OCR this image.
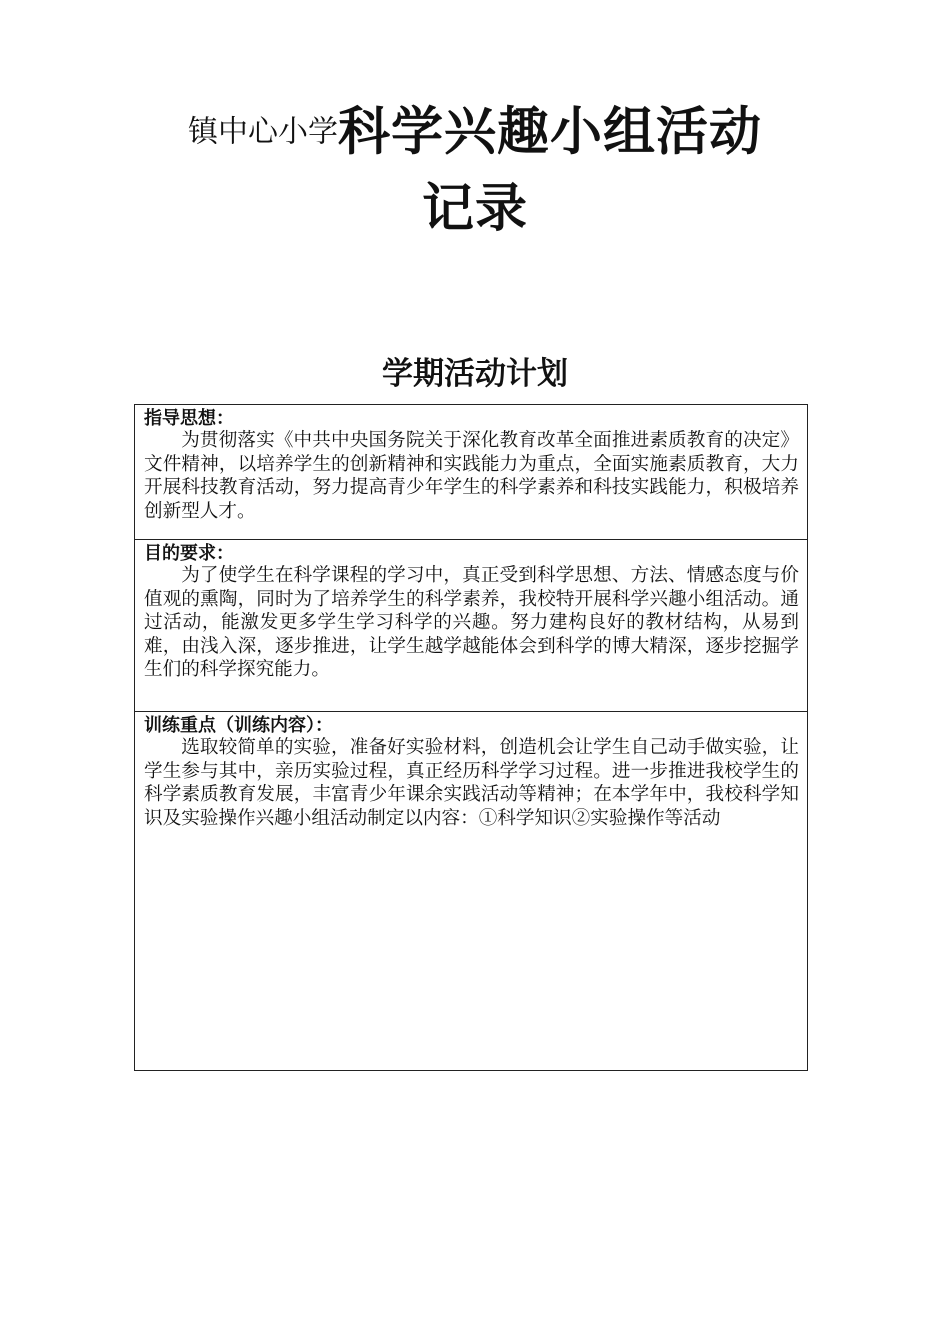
镇中心小学科学兴趣小组活动
记录
学期活动计划
指导思想：

为贯彻落实《中共中央国务院关于深化教育改革全面推进素质教育的决定》文件精神，以培养学生的创新精神和实践能力为重点，全面实施素质教育，大力开展科技教育活动，努力提高青少年学生的科学素养和科技实践能力，积极培养创新型人才。

目的要求：

为了使学生在科学课程的学习中，真正受到科学思想、方法、情感态度与价值观的熏陶，同时为了培养学生的科学素养，我校特开展科学兴趣小组活动。通过活动，能激发更多学生学习科学的兴趣。努力建构良好的教材结构，从易到难，由浅入深，逐步推进，让学生越学越能体会到科学的博大精深，逐步挖掘学生们的科学探究能力。

训练重点（训练内容）：

选取较简单的实验，准备好实验材料，创造机会让学生自己动手做实验，让学生参与其中，亲历实验过程，真正经历科学学习过程。进一步推进我校学生的科学素质教育发展，丰富青少年课余实践活动等精神；在本学年中，我校科学知识及实验操作兴趣小组活动制定以内容：①科学知识②实验操作等活动
